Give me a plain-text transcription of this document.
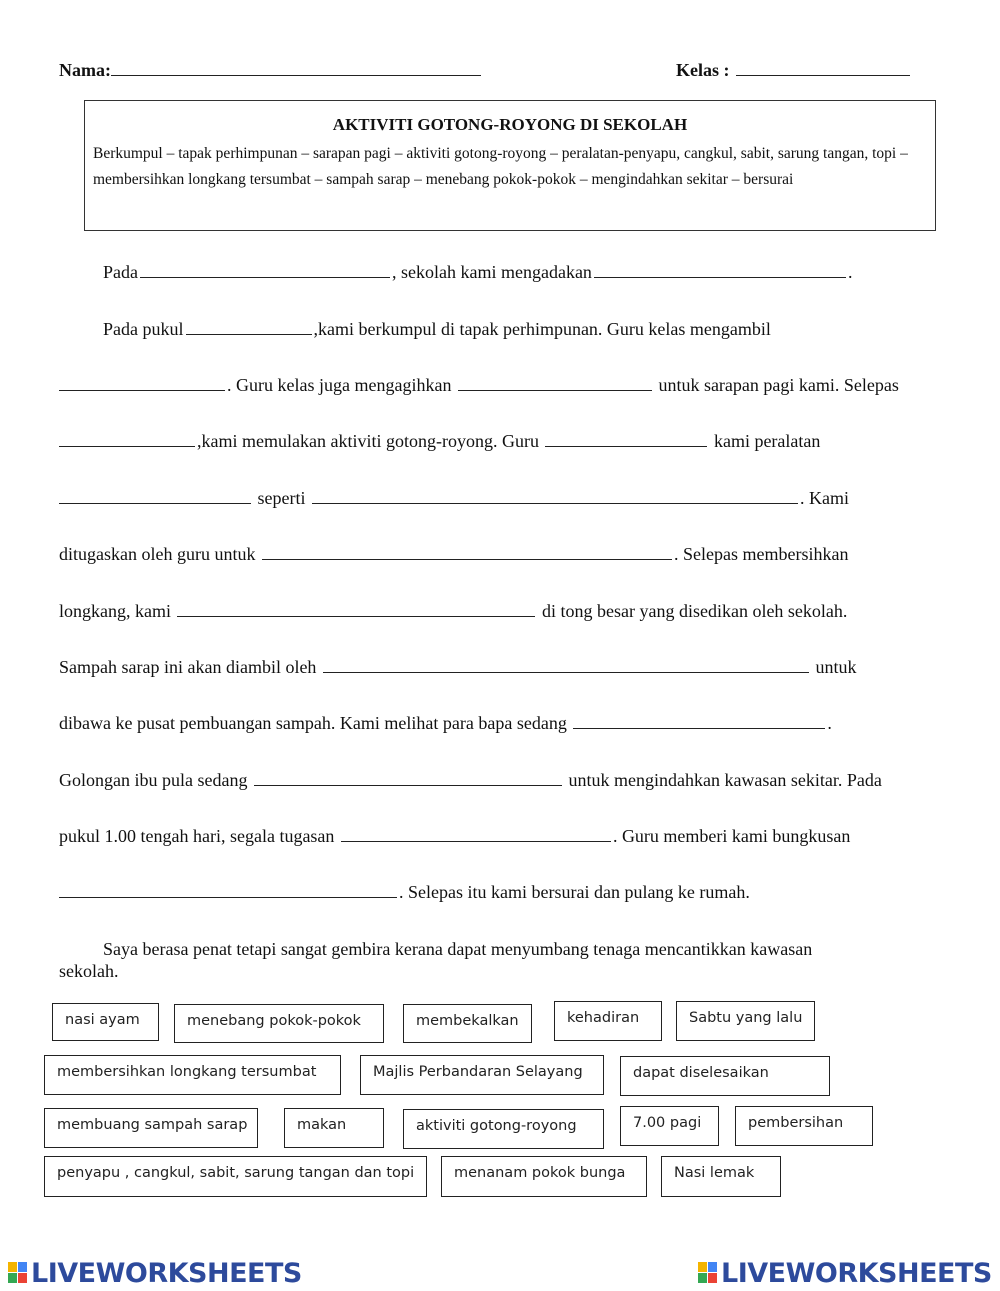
Nama:	Kelas :
AKTIVITI GOTONG-ROYONG DI SEKOLAH
Berkumpul – tapak perhimpunan – sarapan pagi – aktiviti gotong-royong – peralatan-penyapu, cangkul, sabit, sarung tangan, topi – membersihkan longkang tersumbat – sampah sarap – menebang pokok-pokok – mengindahkan sekitar – bersurai
Pada	, sekolah kami mengadakan	.
Pada pukul	,kami berkumpul di tapak perhimpunan. Guru kelas mengambil
. Guru kelas juga mengagihkan	untuk sarapan pagi kami. Selepas
,kami memulakan aktiviti gotong-royong. Guru	kami peralatan
seperti	. Kami
ditugaskan oleh guru untuk	. Selepas membersihkan
longkang, kami	di tong besar yang disedikan oleh sekolah.
Sampah sarap ini akan diambil oleh	untuk
dibawa ke pusat pembuangan sampah. Kami melihat para bapa sedang	.
Golongan ibu pula sedang	untuk mengindahkan kawasan sekitar. Pada
pukul 1.00 tengah hari, segala tugasan	. Guru memberi kami bungkusan
. Selepas itu kami bersurai dan pulang ke rumah.
Saya berasa penat tetapi sangat gembira kerana dapat menyumbang tenaga mencantikkan kawasan
sekolah.
nasi ayam	menebang pokok-pokok	membekalkan	kehadiran	Sabtu yang lalu
membersihkan longkang tersumbat	Majlis Perbandaran Selayang	dapat diselesaikan
membuang sampah sarap	makan	aktiviti gotong-royong	7.00 pagi	pembersihan
penyapu , cangkul, sabit, sarung tangan dan topi	menanam pokok bunga	Nasi lemak
LIVEWORKSHEETS	LIVEWORKSHEETS
